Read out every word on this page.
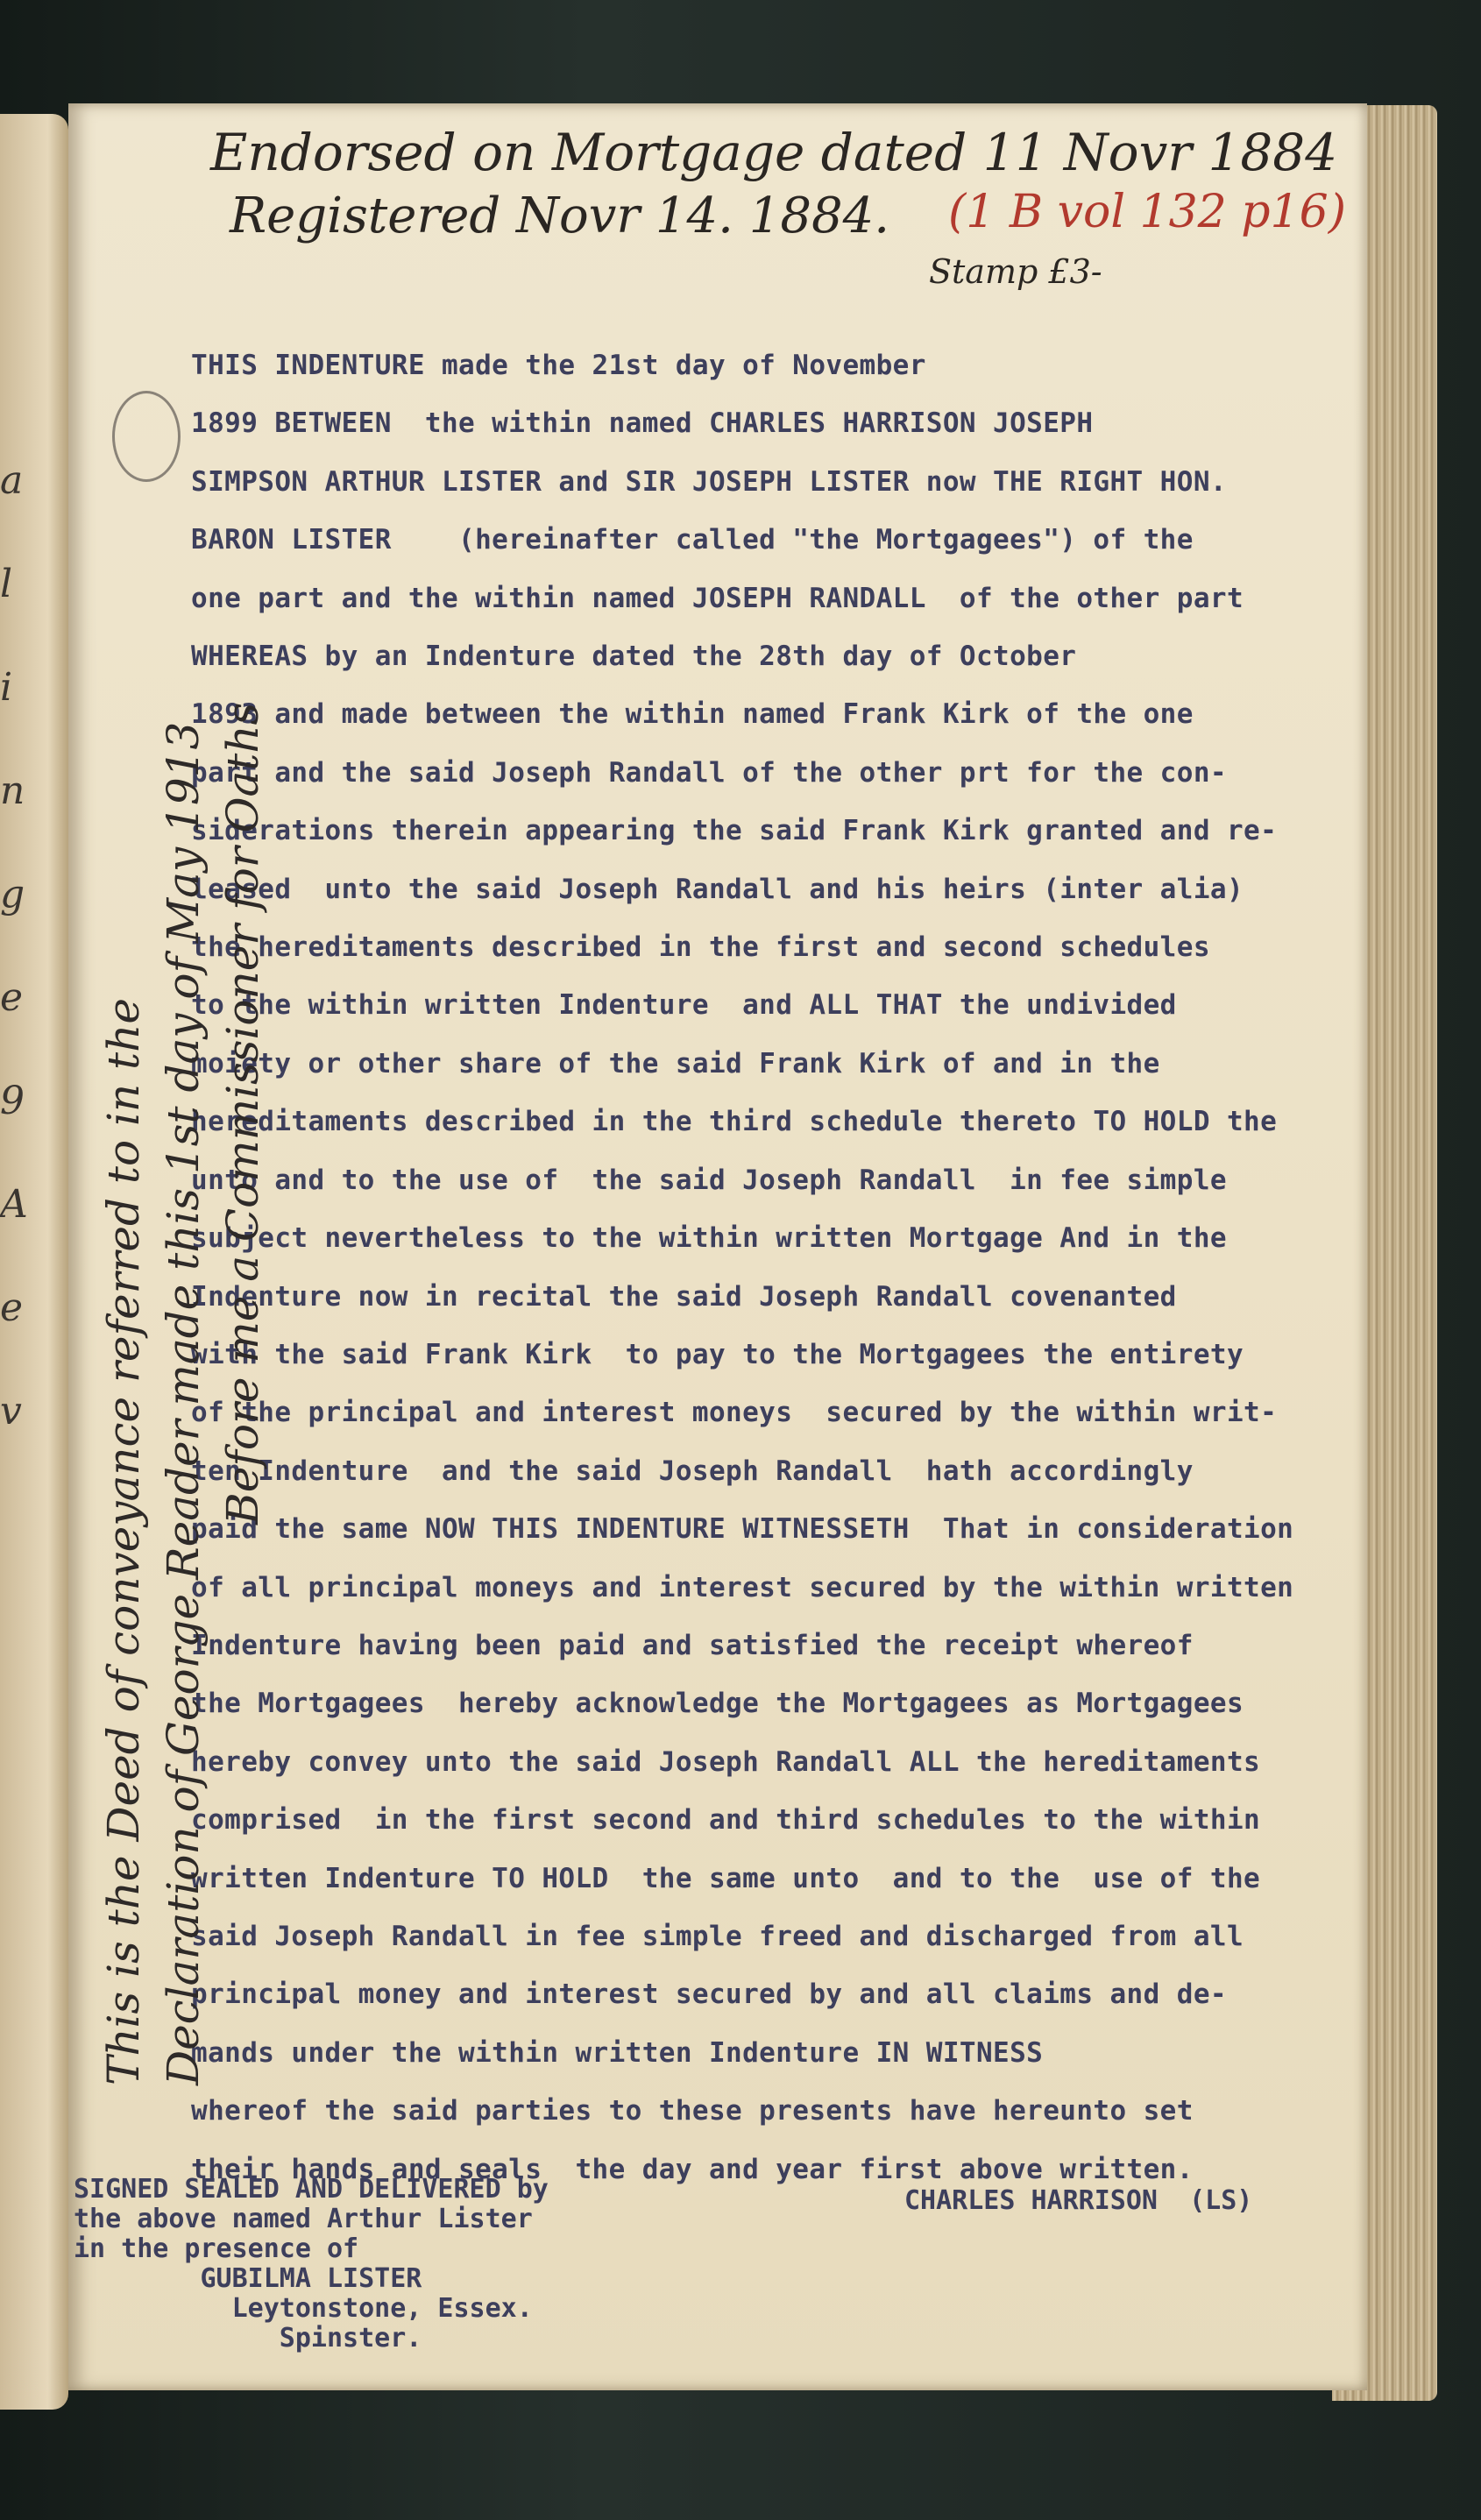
a
l
i
n
g
e
9
A
e
v
Endorsed on Mortgage dated 11 Novr 1884
Registered Novr 14. 1884. (1 B vol 132 p16)
Stamp £3-
THIS INDENTURE made the 21st day of November
1899 BETWEEN  the within named CHARLES HARRISON JOSEPH
SIMPSON ARTHUR LISTER and SIR JOSEPH LISTER now THE RIGHT HON.
BARON LISTER    (hereinafter called "the Mortgagees") of the
one part and the within named JOSEPH RANDALL  of the other part
WHEREAS by an Indenture dated the 28th day of October
1893 and made between the within named Frank Kirk of the one
part and the said Joseph Randall of the other prt for the con-
siderations therein appearing the said Frank Kirk granted and re-
leased  unto the said Joseph Randall and his heirs (inter alia)
the hereditaments described in the first and second schedules
to the within written Indenture  and ALL THAT the undivided
moiety or other share of the said Frank Kirk of and in the
hereditaments described in the third schedule thereto TO HOLD the
unto and to the use of  the said Joseph Randall  in fee simple
subject nevertheless to the within written Mortgage And in the
Indenture now in recital the said Joseph Randall covenanted
with the said Frank Kirk  to pay to the Mortgagees the entirety
of the principal and interest moneys  secured by the within writ-
ten Indenture  and the said Joseph Randall  hath accordingly
paid the same NOW THIS INDENTURE WITNESSETH  That in consideration
of all principal moneys and interest secured by the within written
Indenture having been paid and satisfied the receipt whereof
the Mortgagees  hereby acknowledge the Mortgagees as Mortgagees
hereby convey unto the said Joseph Randall ALL the hereditaments
comprised  in the first second and third schedules to the within
written Indenture TO HOLD  the same unto  and to the  use of the
said Joseph Randall in fee simple freed and discharged from all
principal money and interest secured by and all claims and de-
mands under the within written Indenture IN WITNESS
whereof the said parties to these presents have hereunto set
their hands and seals  the day and year first above written.
This is the Deed of conveyance referred to in the Declaration of George Reader made this 1st day of May 1913 Before me a Commissioner for Oaths
SIGNED SEALED AND DELIVERED by
the above named Arthur Lister
in the presence of
GUBILMA LISTER
Leytonstone, Essex.
Spinster.
CHARLES HARRISON  (LS)
